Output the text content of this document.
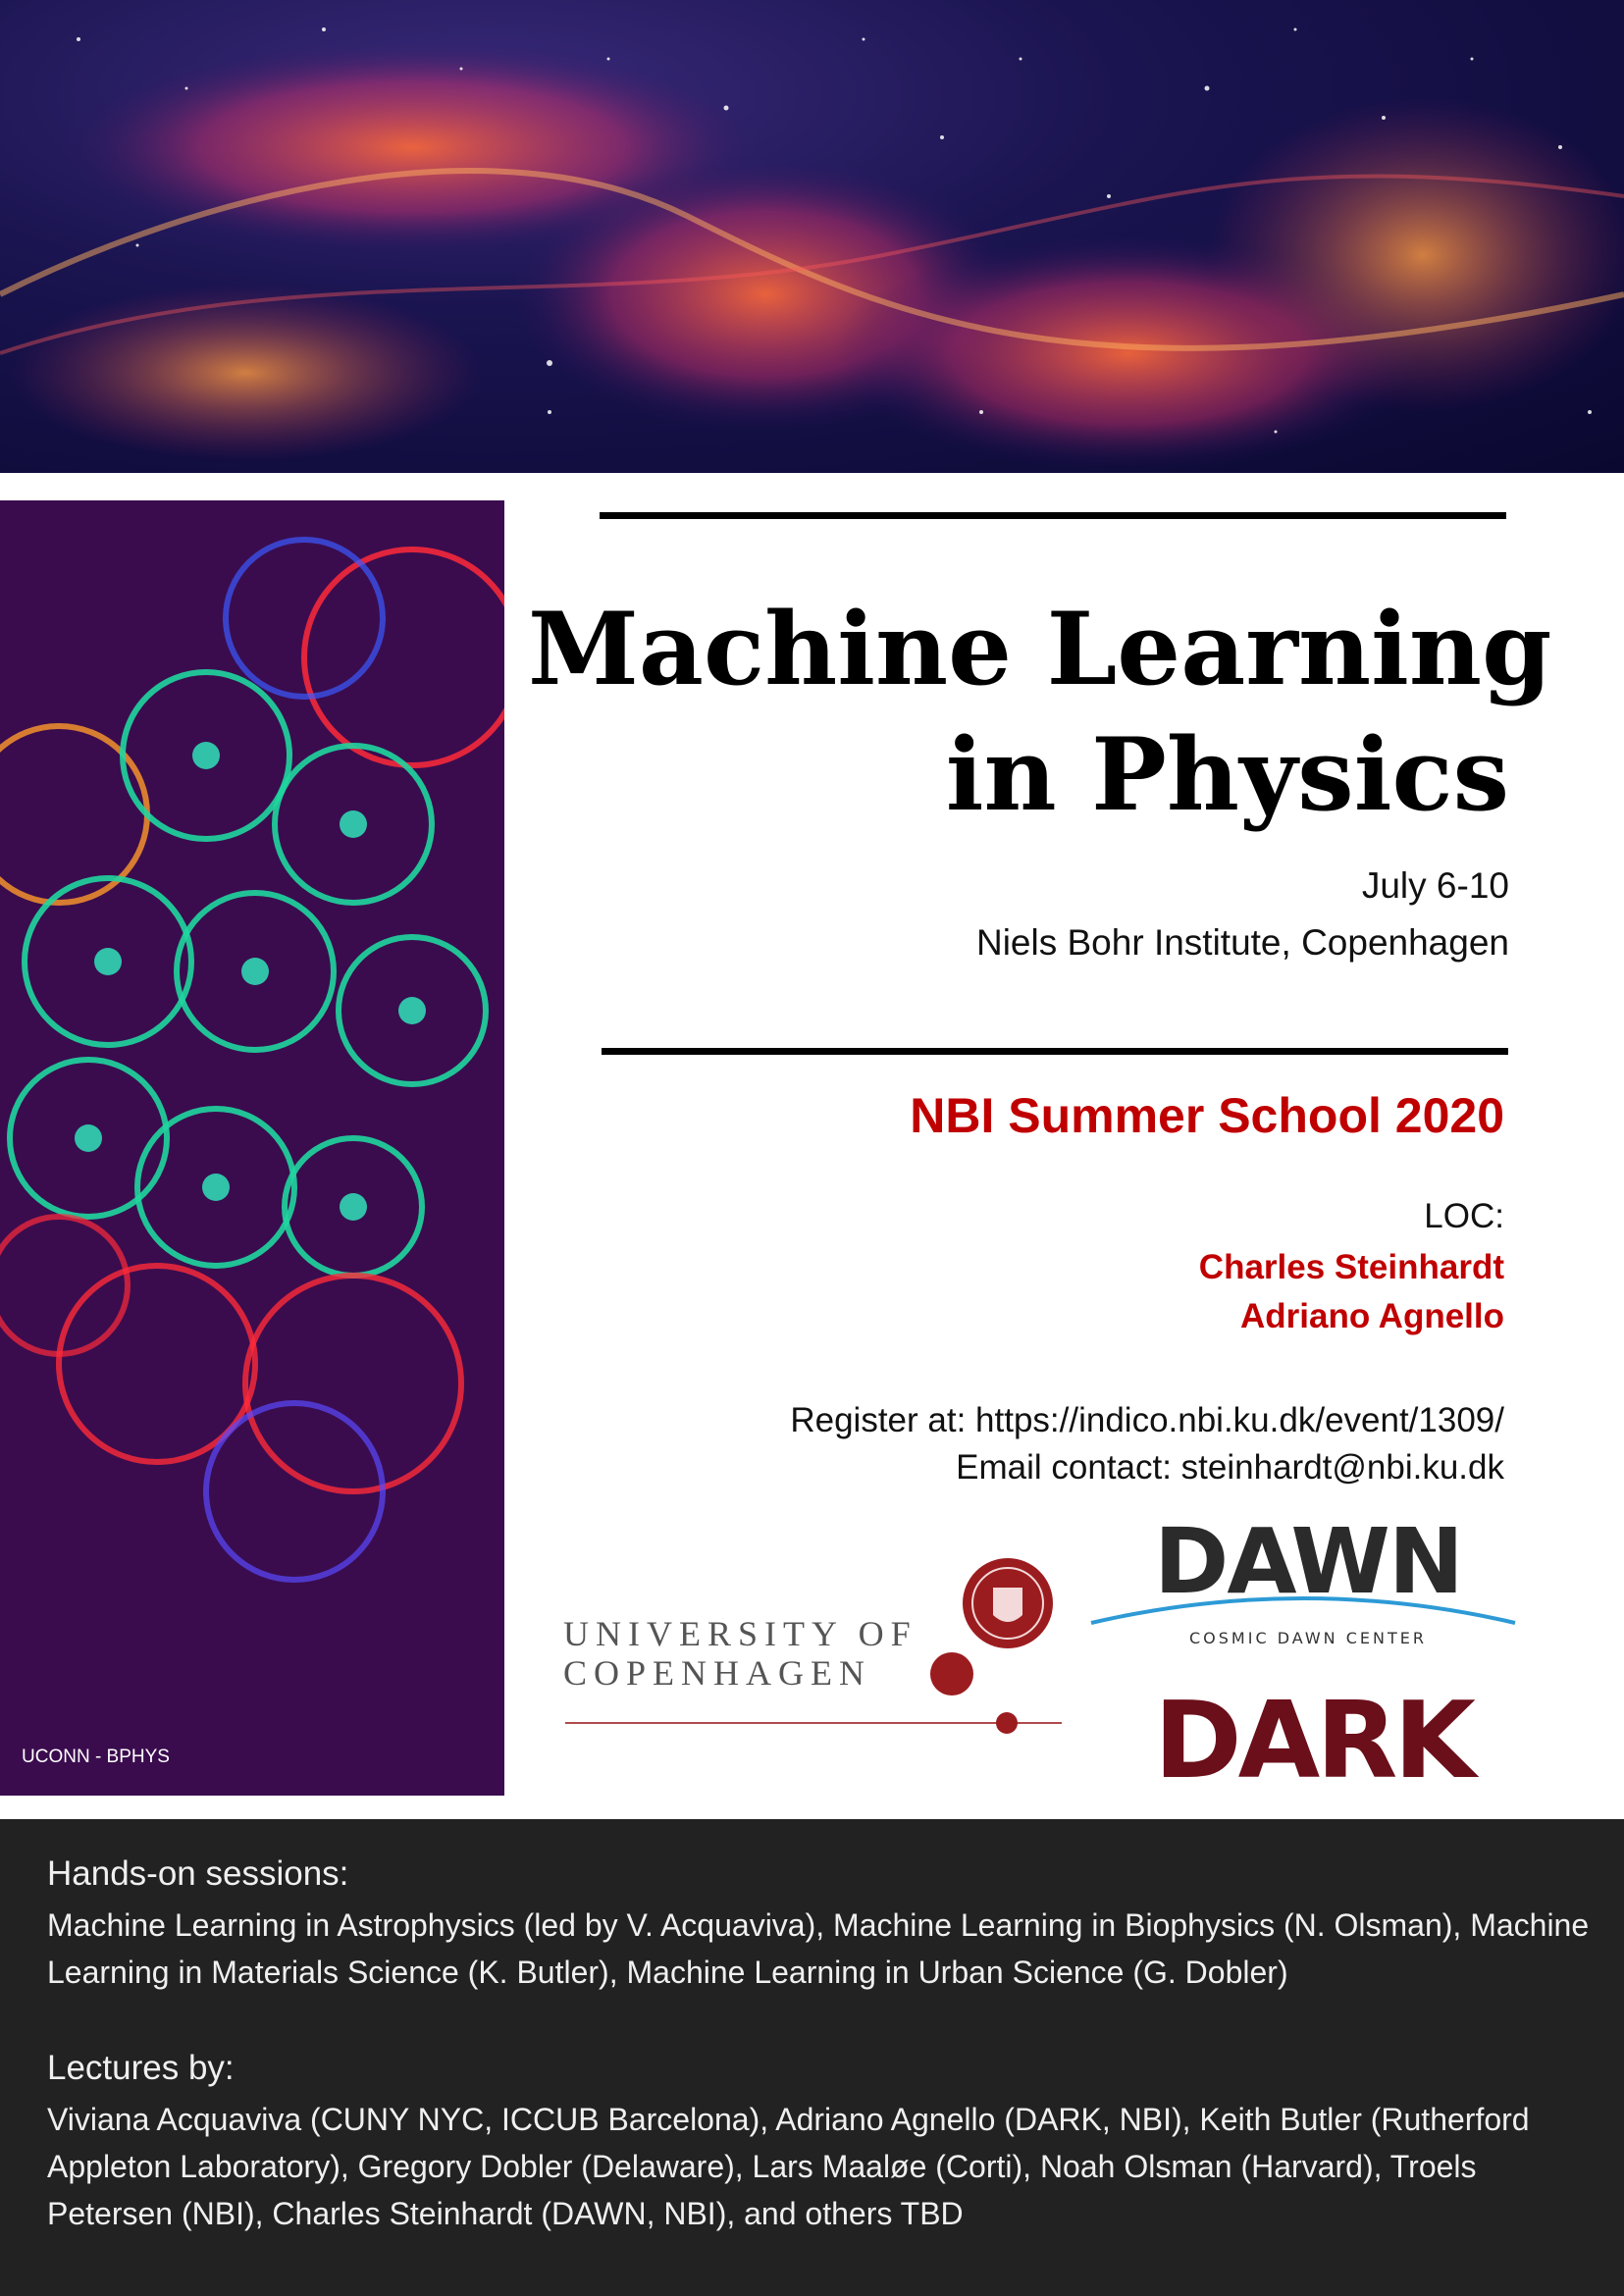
UCONN - BPHYS
Machine Learning
in Physics
July 6-10
Niels Bohr Institute, Copenhagen
NBI Summer School 2020
LOC:
Charles Steinhardt
Adriano Agnello
Register at: https://indico.nbi.ku.dk/event/1309/
Email contact: steinhardt@nbi.ku.dk
UNIVERSITY OF
COPENHAGEN
DAWN
COSMIC DAWN CENTER
DARK
Hands-on sessions:
Machine Learning in Astrophysics (led by V. Acquaviva), Machine Learning in Biophysics (N. Olsman), Machine Learning in Materials Science (K. Butler), Machine Learning in Urban Science (G. Dobler)
Lectures by:
Viviana Acquaviva (CUNY NYC, ICCUB Barcelona), Adriano Agnello (DARK, NBI), Keith Butler (Rutherford Appleton Laboratory), Gregory Dobler (Delaware), Lars Maaløe (Corti), Noah Olsman (Harvard), Troels Petersen (NBI), Charles Steinhardt (DAWN, NBI), and others TBD
